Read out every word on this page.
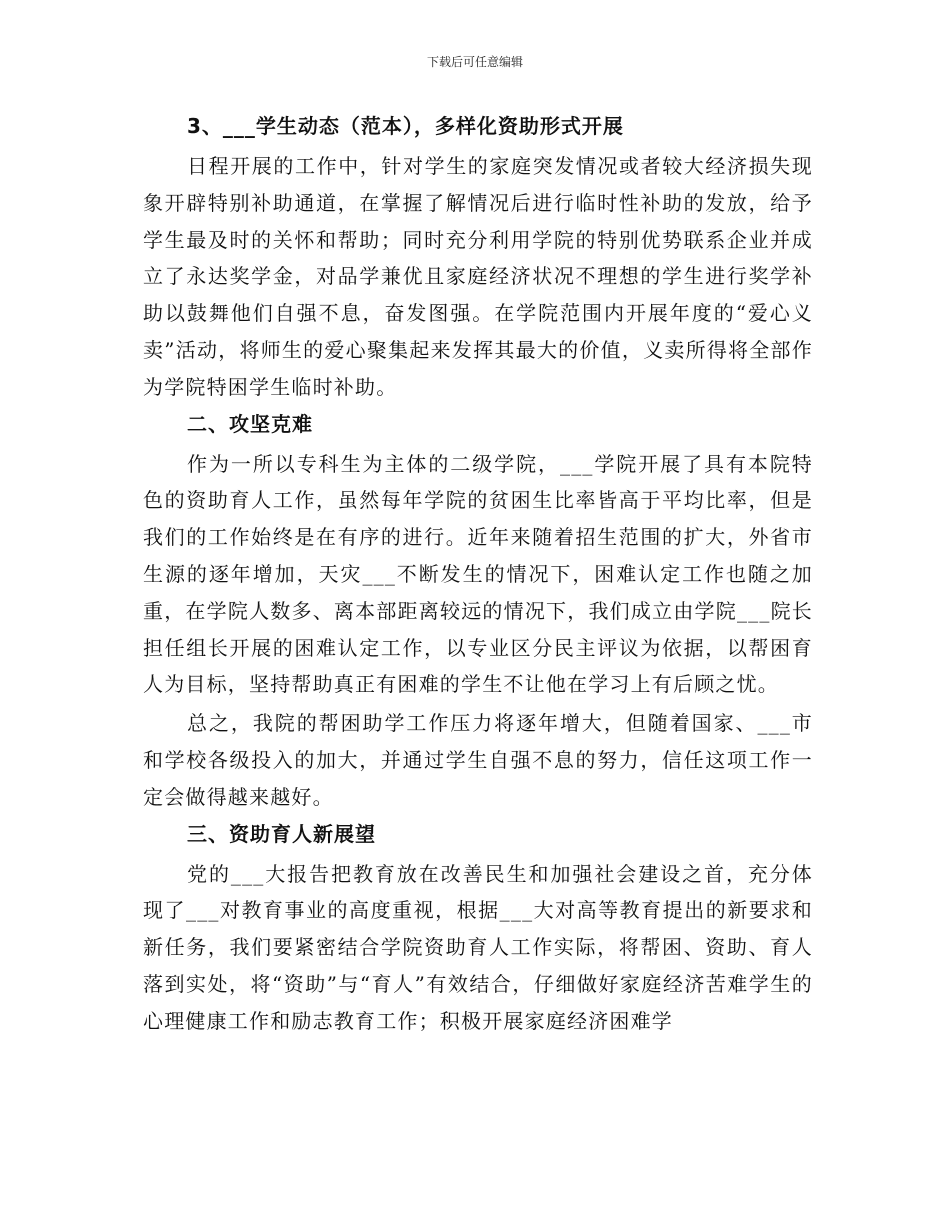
下载后可任意编辑
3、___学生动态（范本），多样化资助形式开展

日程开展的工作中，针对学生的家庭突发情况或者较大经济损失现象开辟特别补助通道，在掌握了解情况后进行临时性补助的发放，给予学生最及时的关怀和帮助；同时充分利用学院的特别优势联系企业并成立了永达奖学金，对品学兼优且家庭经济状况不理想的学生进行奖学补助以鼓舞他们自强不息，奋发图强。在学院范围内开展年度的“爱心义卖”活动，将师生的爱心聚集起来发挥其最大的价值，义卖所得将全部作为学院特困学生临时补助。

二、攻坚克难

作为一所以专科生为主体的二级学院，___学院开展了具有本院特色的资助育人工作，虽然每年学院的贫困生比率皆高于平均比率，但是我们的工作始终是在有序的进行。近年来随着招生范围的扩大，外省市生源的逐年增加，天灾___不断发生的情况下，困难认定工作也随之加重，在学院人数多、离本部距离较远的情况下，我们成立由学院___院长担任组长开展的困难认定工作，以专业区分民主评议为依据，以帮困育人为目标，坚持帮助真正有困难的学生不让他在学习上有后顾之忧。

总之，我院的帮困助学工作压力将逐年增大，但随着国家、___市和学校各级投入的加大，并通过学生自强不息的努力，信任这项工作一定会做得越来越好。

三、资助育人新展望

党的___大报告把教育放在改善民生和加强社会建设之首，充分体现了___对教育事业的高度重视，根据___大对高等教育提出的新要求和新任务，我们要紧密结合学院资助育人工作实际，将帮困、资助、育人落到实处，将“资助”与“育人”有效结合，仔细做好家庭经济苦难学生的心理健康工作和励志教育工作；积极开展家庭经济困难学
